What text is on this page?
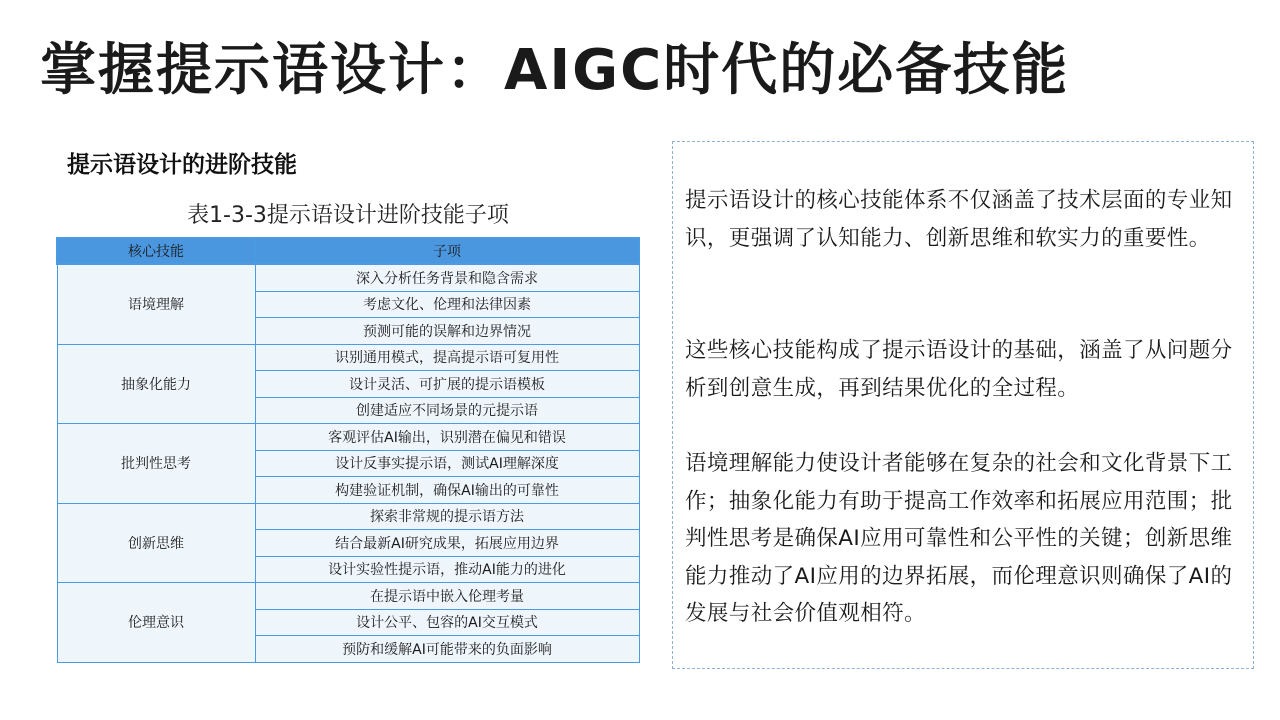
掌握提示语设计：AIGC时代的必备技能
提示语设计的进阶技能
表1-3-3提示语设计进阶技能子项
核心技能	子项
语境理解	深入分析任务背景和隐含需求
	考虑文化、伦理和法律因素
	预测可能的误解和边界情况
抽象化能力	识别通用模式，提高提示语可复用性
	设计灵活、可扩展的提示语模板
	创建适应不同场景的元提示语
批判性思考	客观评估AI输出，识别潜在偏见和错误
	设计反事实提示语，测试AI理解深度
	构建验证机制，确保AI输出的可靠性
创新思维	探索非常规的提示语方法
	结合最新AI研究成果，拓展应用边界
	设计实验性提示语，推动AI能力的进化
伦理意识	在提示语中嵌入伦理考量
	设计公平、包容的AI交互模式
	预防和缓解AI可能带来的负面影响
提示语设计的核心技能体系不仅涵盖了技术层面的专业知识，更强调了认知能力、创新思维和软实力的重要性。
这些核心技能构成了提示语设计的基础，涵盖了从问题分析到创意生成，再到结果优化的全过程。
语境理解能力使设计者能够在复杂的社会和文化背景下工作；抽象化能力有助于提高工作效率和拓展应用范围；批判性思考是确保AI应用可靠性和公平性的关键；创新思维能力推动了AI应用的边界拓展，而伦理意识则确保了AI的发展与社会价值观相符。
